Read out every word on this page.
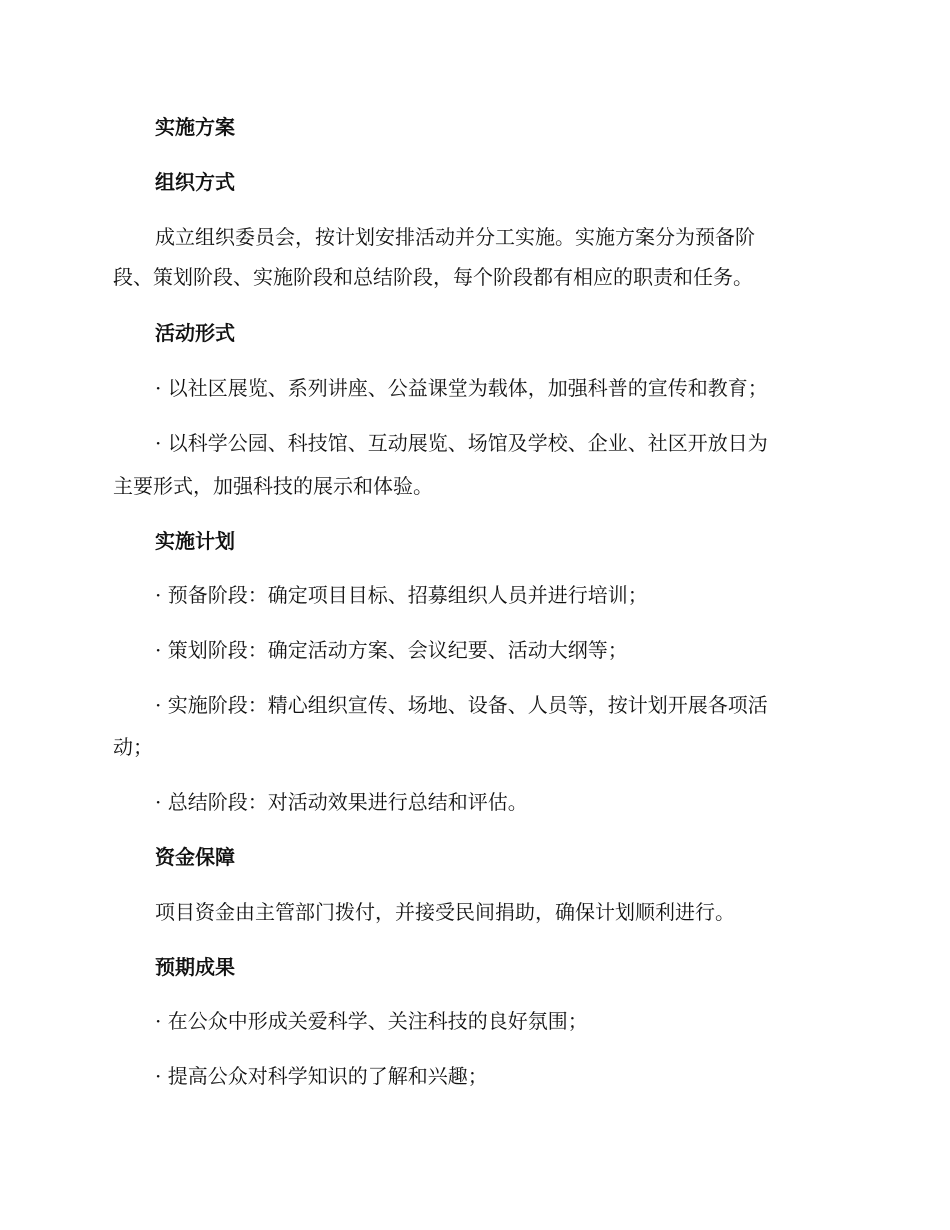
实施方案
组织方式
成立组织委员会，按计划安排活动并分工实施。实施方案分为预备阶
段、策划阶段、实施阶段和总结阶段，每个阶段都有相应的职责和任务。
活动形式
· 以社区展览、系列讲座、公益课堂为载体，加强科普的宣传和教育；
· 以科学公园、科技馆、互动展览、场馆及学校、企业、社区开放日为
主要形式，加强科技的展示和体验。
实施计划
· 预备阶段：确定项目目标、招募组织人员并进行培训；
· 策划阶段：确定活动方案、会议纪要、活动大纲等；
· 实施阶段：精心组织宣传、场地、设备、人员等，按计划开展各项活
动；
· 总结阶段：对活动效果进行总结和评估。
资金保障
项目资金由主管部门拨付，并接受民间捐助，确保计划顺利进行。
预期成果
· 在公众中形成关爱科学、关注科技的良好氛围；
· 提高公众对科学知识的了解和兴趣；
